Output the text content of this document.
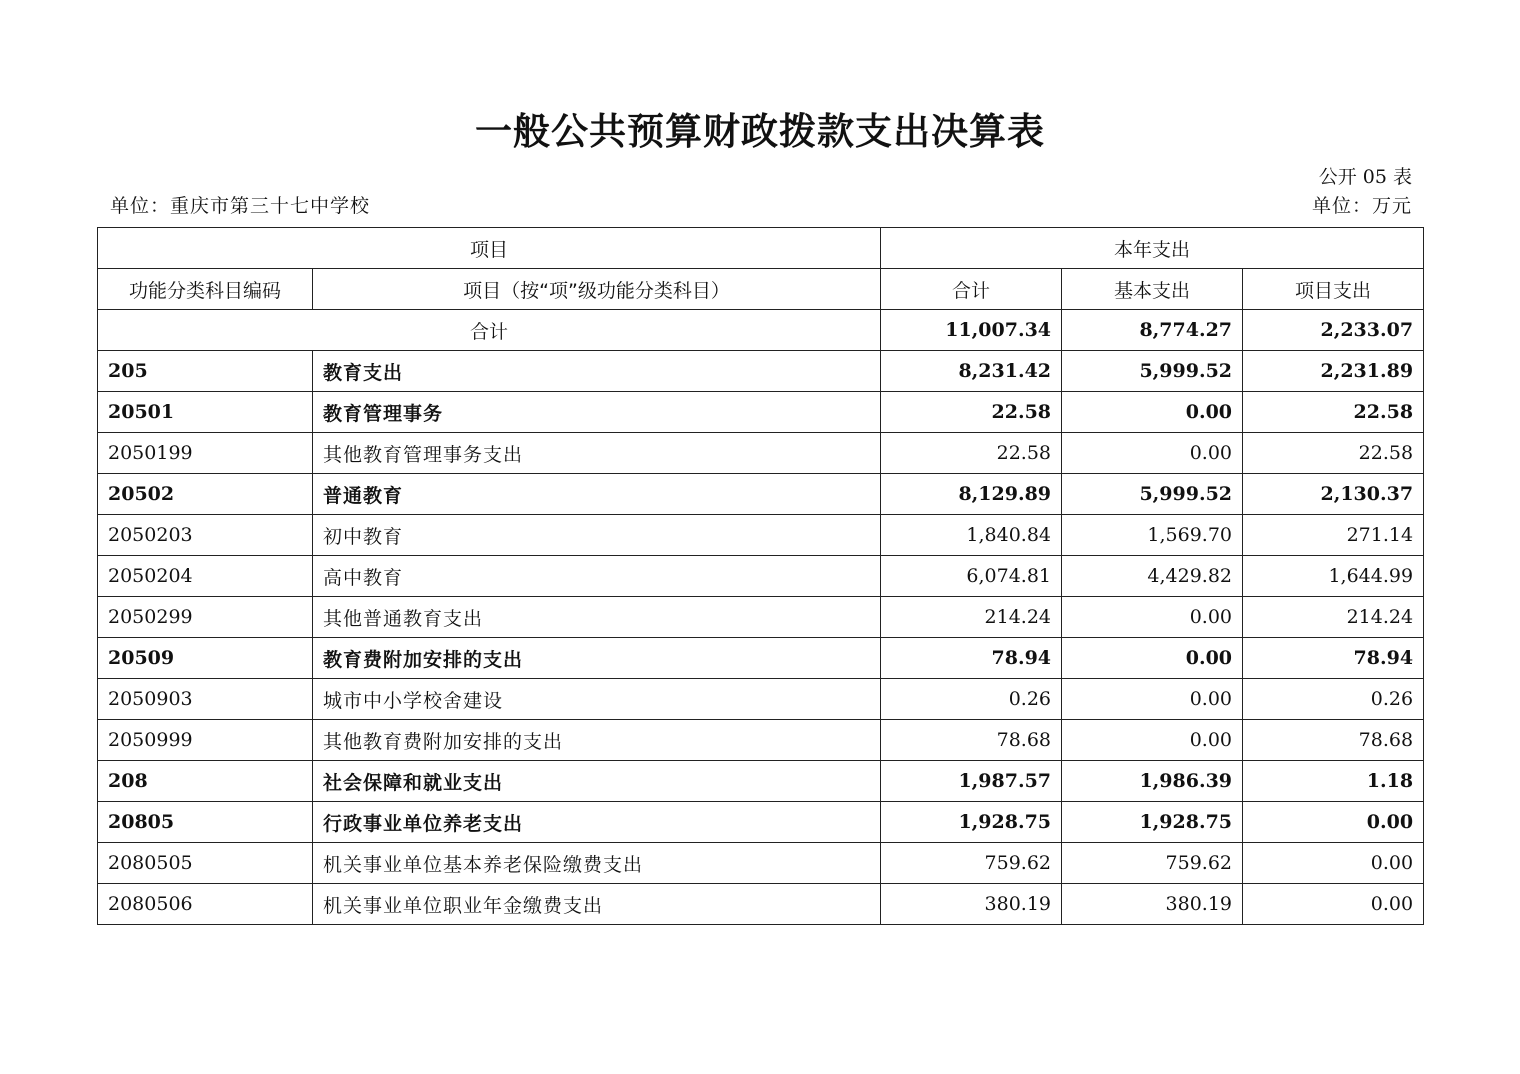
一般公共预算财政拨款支出决算表
公开 05 表
单位：重庆市第三十七中学校	单位：万元
项目		本年支出		
功能分类科目编码	项目（按“项”级功能分类科目）	合计	基本支出	项目支出
合计		11,007.34	8,774.27	2,233.07
205	教育支出	8,231.42	5,999.52	2,231.89
20501	教育管理事务	22.58	0.00	22.58
2050199	其他教育管理事务支出	22.58	0.00	22.58
20502	普通教育	8,129.89	5,999.52	2,130.37
2050203	初中教育	1,840.84	1,569.70	271.14
2050204	高中教育	6,074.81	4,429.82	1,644.99
2050299	其他普通教育支出	214.24	0.00	214.24
20509	教育费附加安排的支出	78.94	0.00	78.94
2050903	城市中小学校舍建设	0.26	0.00	0.26
2050999	其他教育费附加安排的支出	78.68	0.00	78.68
208	社会保障和就业支出	1,987.57	1,986.39	1.18
20805	行政事业单位养老支出	1,928.75	1,928.75	0.00
2080505	机关事业单位基本养老保险缴费支出	759.62	759.62	0.00
2080506	机关事业单位职业年金缴费支出	380.19	380.19	0.00
